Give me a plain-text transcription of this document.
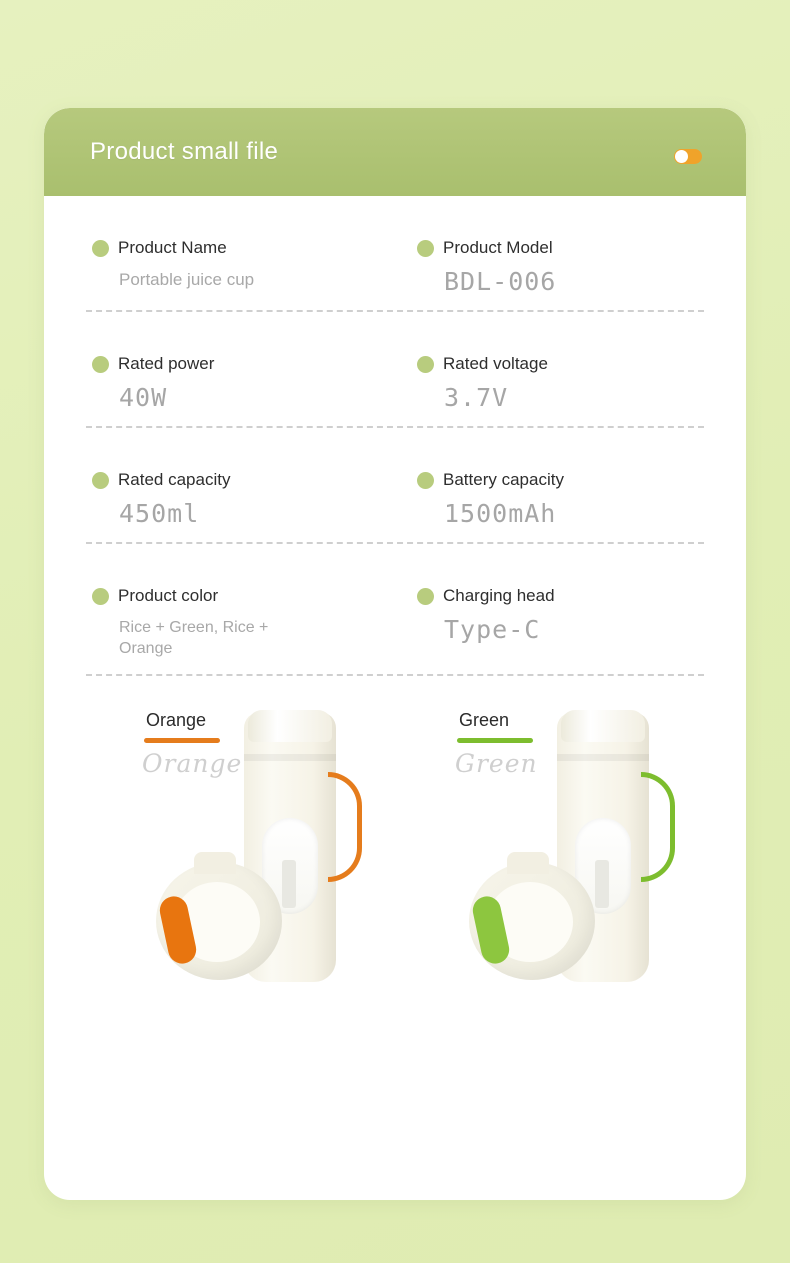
Product small file
Product Name
Portable juice cup
Product Model
BDL-006
Rated power
40W
Rated voltage
3.7V
Rated capacity
450ml
Battery capacity
1500mAh
Product color
Rice + Green, Rice + Orange
Charging head
Type-C
Orange
Orange
Green
Green
